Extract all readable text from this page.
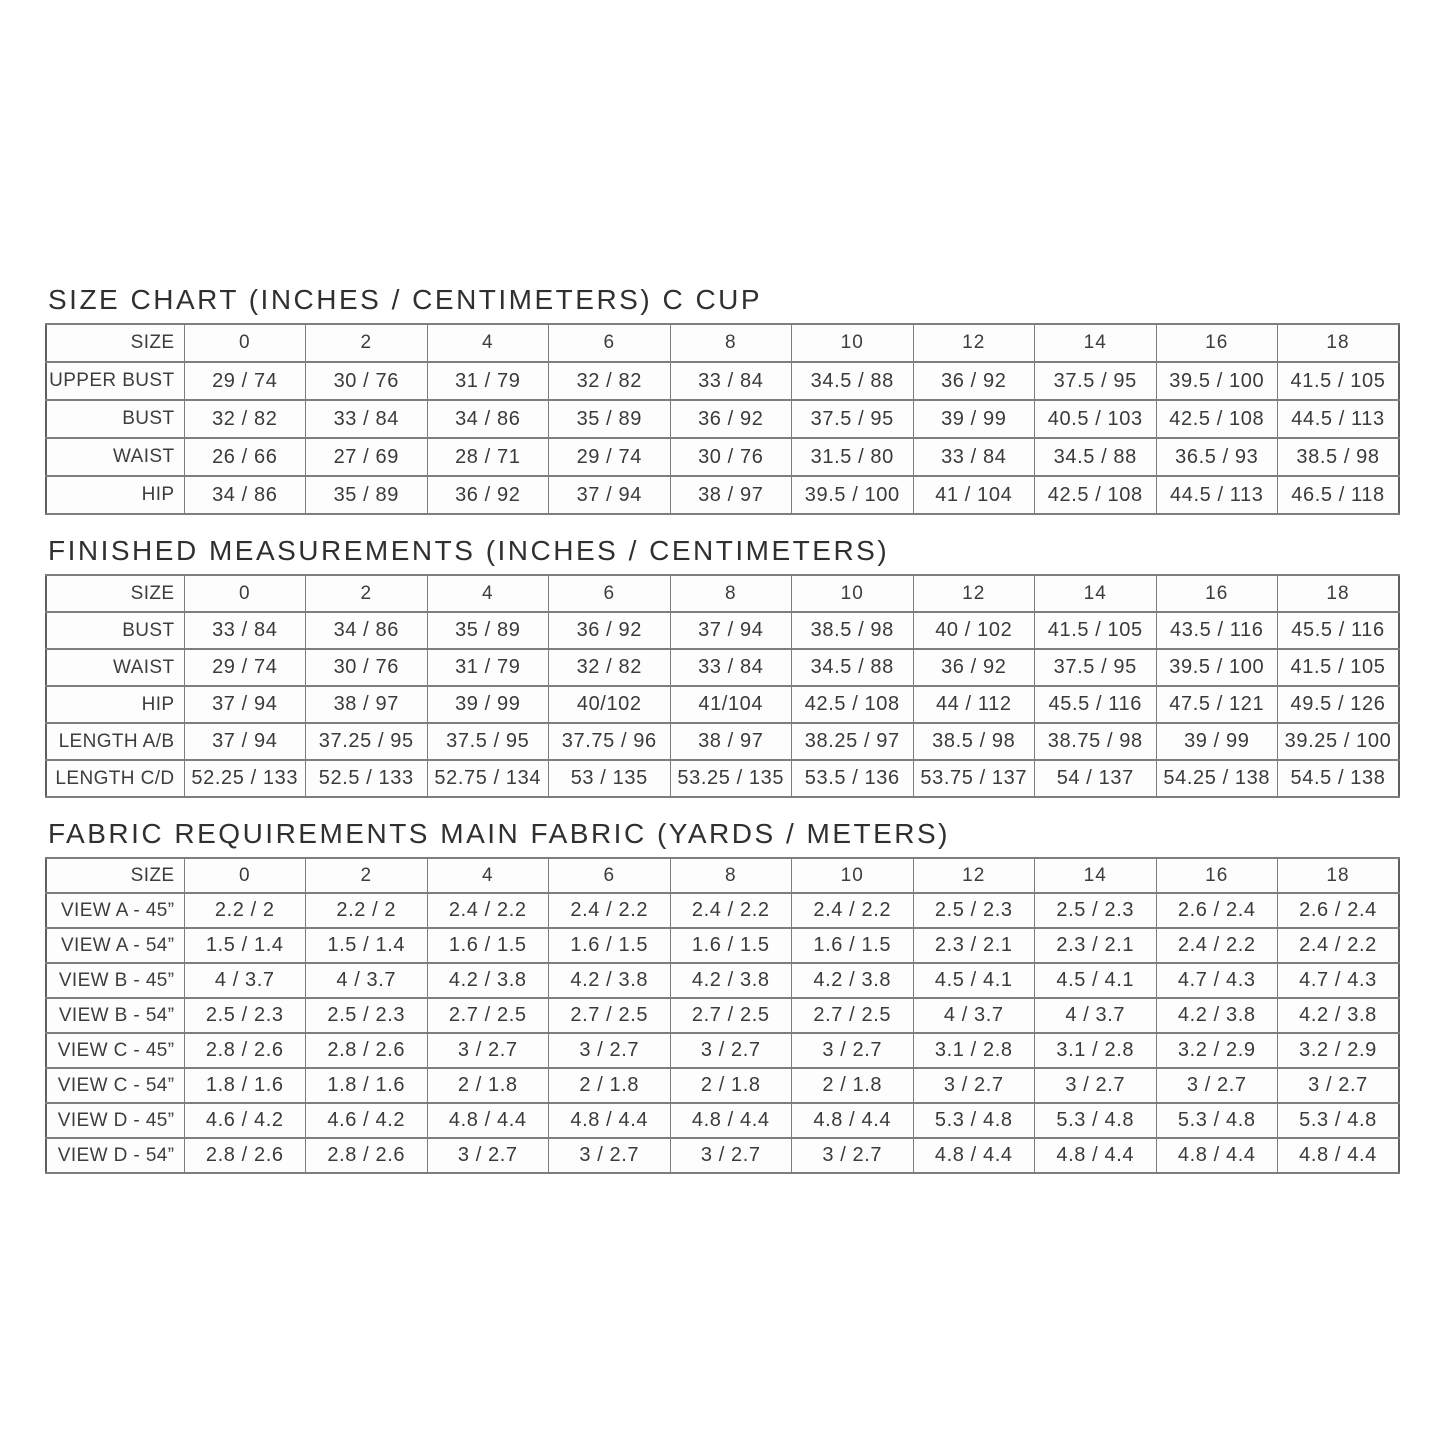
SIZE CHART (INCHES / CENTIMETERS) C CUP
SIZE	0	2	4	6	8	10	12	14	16	18
UPPER BUST	29 / 74	30 / 76	31 / 79	32 / 82	33 / 84	34.5 / 88	36 / 92	37.5 / 95	39.5 / 100	41.5 / 105
BUST	32 / 82	33 / 84	34 / 86	35 / 89	36 / 92	37.5 / 95	39 / 99	40.5 / 103	42.5 / 108	44.5 / 113
WAIST	26 / 66	27 / 69	28 / 71	29 / 74	30 / 76	31.5 / 80	33 / 84	34.5 / 88	36.5 / 93	38.5 / 98
HIP	34 / 86	35 / 89	36 / 92	37 / 94	38 / 97	39.5 / 100	41 / 104	42.5 / 108	44.5 / 113	46.5 / 118
FINISHED MEASUREMENTS (INCHES / CENTIMETERS)
SIZE	0	2	4	6	8	10	12	14	16	18
BUST	33 / 84	34 / 86	35 / 89	36 / 92	37 / 94	38.5 / 98	40 / 102	41.5 / 105	43.5 / 116	45.5 / 116
WAIST	29 / 74	30 / 76	31 / 79	32 / 82	33 / 84	34.5 / 88	36 / 92	37.5 / 95	39.5 / 100	41.5 / 105
HIP	37 / 94	38 / 97	39 / 99	40/102	41/104	42.5 / 108	44 / 112	45.5 / 116	47.5 / 121	49.5 / 126
LENGTH A/B	37 / 94	37.25 / 95	37.5 / 95	37.75 / 96	38 / 97	38.25 / 97	38.5 / 98	38.75 / 98	39 / 99	39.25 / 100
LENGTH C/D	52.25 / 133	52.5 / 133	52.75 / 134	53 / 135	53.25 / 135	53.5 / 136	53.75 / 137	54 / 137	54.25 / 138	54.5 / 138
FABRIC REQUIREMENTS MAIN FABRIC (YARDS / METERS)
SIZE	0	2	4	6	8	10	12	14	16	18
VIEW A - 45”	2.2 / 2	2.2 / 2	2.4 / 2.2	2.4 / 2.2	2.4 / 2.2	2.4 / 2.2	2.5 / 2.3	2.5 / 2.3	2.6 / 2.4	2.6 / 2.4
VIEW A - 54”	1.5 / 1.4	1.5 / 1.4	1.6 / 1.5	1.6 / 1.5	1.6 / 1.5	1.6 / 1.5	2.3 / 2.1	2.3 / 2.1	2.4 / 2.2	2.4 / 2.2
VIEW B - 45”	4 / 3.7	4 / 3.7	4.2 / 3.8	4.2 / 3.8	4.2 / 3.8	4.2 / 3.8	4.5 / 4.1	4.5 / 4.1	4.7 / 4.3	4.7 / 4.3
VIEW B - 54”	2.5 / 2.3	2.5 / 2.3	2.7 / 2.5	2.7 / 2.5	2.7 / 2.5	2.7 / 2.5	4 / 3.7	4 / 3.7	4.2 / 3.8	4.2 / 3.8
VIEW C - 45”	2.8 / 2.6	2.8 / 2.6	3 / 2.7	3 / 2.7	3 / 2.7	3 / 2.7	3.1 / 2.8	3.1 / 2.8	3.2 / 2.9	3.2 / 2.9
VIEW C - 54”	1.8 / 1.6	1.8 / 1.6	2 / 1.8	2 / 1.8	2 / 1.8	2 / 1.8	3 / 2.7	3 / 2.7	3 / 2.7	3 / 2.7
VIEW D - 45”	4.6 / 4.2	4.6 / 4.2	4.8 / 4.4	4.8 / 4.4	4.8 / 4.4	4.8 / 4.4	5.3 / 4.8	5.3 / 4.8	5.3 / 4.8	5.3 / 4.8
VIEW D - 54”	2.8 / 2.6	2.8 / 2.6	3 / 2.7	3 / 2.7	3 / 2.7	3 / 2.7	4.8 / 4.4	4.8 / 4.4	4.8 / 4.4	4.8 / 4.4
